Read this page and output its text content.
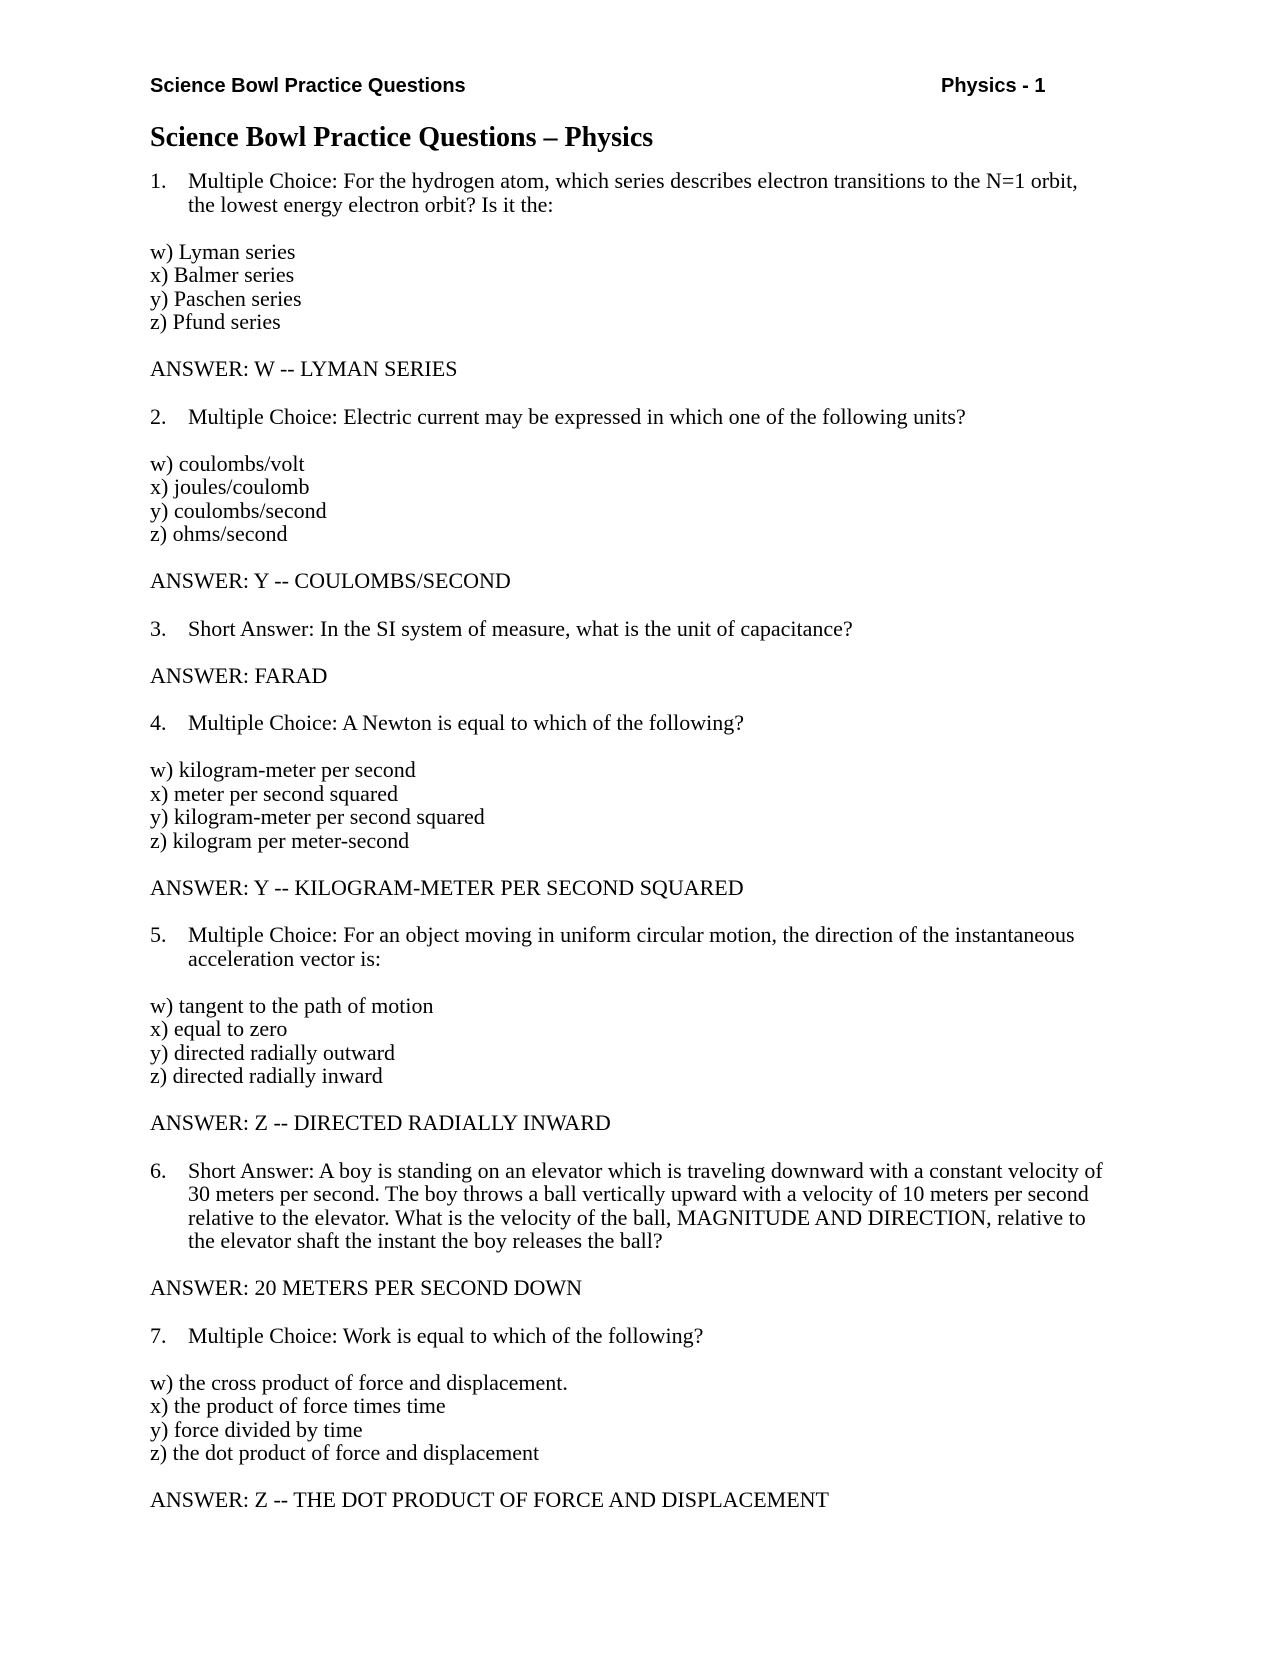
Science Bowl Practice Questions	Physics - 1
Science Bowl Practice Questions – Physics
1. Multiple Choice: For the hydrogen atom, which series describes electron transitions to the N=1 orbit, the lowest energy electron orbit? Is it the:
w) Lyman series
x) Balmer series
y) Paschen series
z) Pfund series
ANSWER: W -- LYMAN SERIES
2. Multiple Choice: Electric current may be expressed in which one of the following units?
w) coulombs/volt
x) joules/coulomb
y) coulombs/second
z) ohms/second
ANSWER: Y -- COULOMBS/SECOND
3. Short Answer: In the SI system of measure, what is the unit of capacitance?
ANSWER: FARAD
4. Multiple Choice: A Newton is equal to which of the following?
w) kilogram-meter per second
x) meter per second squared
y) kilogram-meter per second squared
z) kilogram per meter-second
ANSWER: Y -- KILOGRAM-METER PER SECOND SQUARED
5. Multiple Choice: For an object moving in uniform circular motion, the direction of the instantaneous acceleration vector is:
w) tangent to the path of motion
x) equal to zero
y) directed radially outward
z) directed radially inward
ANSWER: Z -- DIRECTED RADIALLY INWARD
6. Short Answer: A boy is standing on an elevator which is traveling downward with a constant velocity of 30 meters per second. The boy throws a ball vertically upward with a velocity of 10 meters per second relative to the elevator. What is the velocity of the ball, MAGNITUDE AND DIRECTION, relative to the elevator shaft the instant the boy releases the ball?
ANSWER: 20 METERS PER SECOND DOWN
7. Multiple Choice: Work is equal to which of the following?
w) the cross product of force and displacement.
x) the product of force times time
y) force divided by time
z) the dot product of force and displacement
ANSWER: Z -- THE DOT PRODUCT OF FORCE AND DISPLACEMENT
